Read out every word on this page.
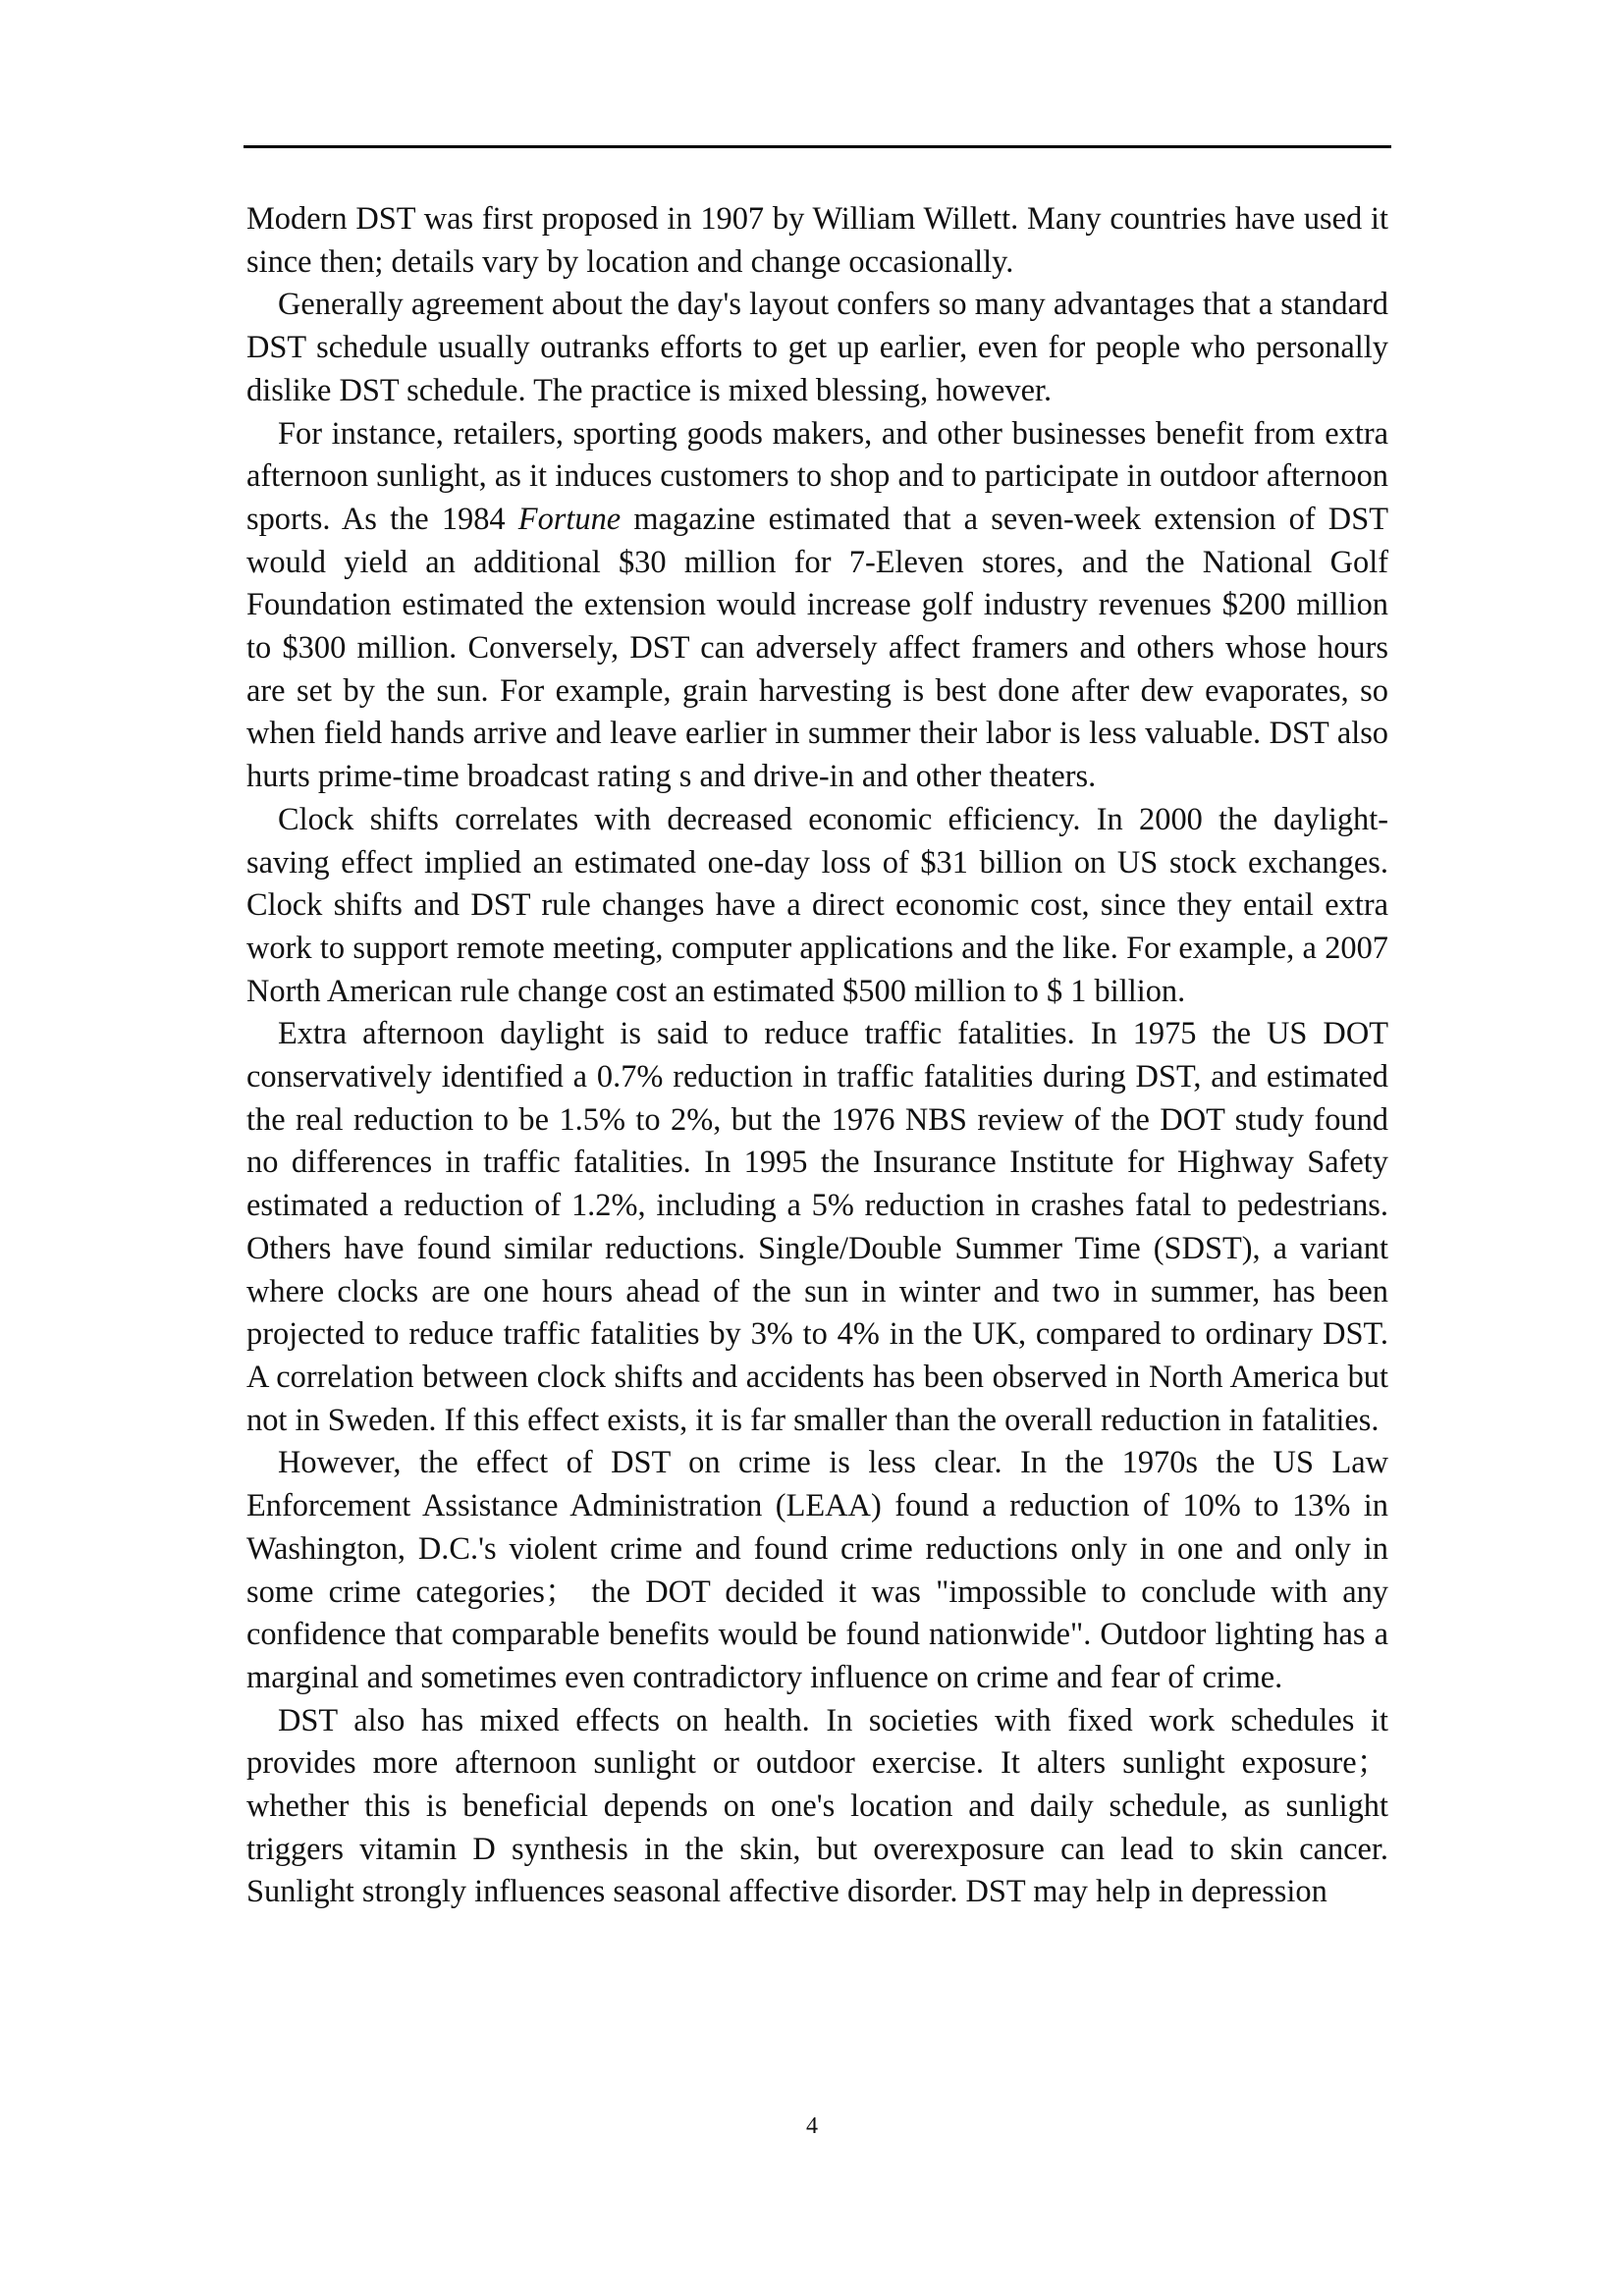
Modern DST was first proposed in 1907 by William Willett. Many countries have used it since then; details vary by location and change occasionally.

Generally agreement about the day's layout confers so many advantages that a standard DST schedule usually outranks efforts to get up earlier, even for people who personally dislike DST schedule. The practice is mixed blessing, however.

For instance, retailers, sporting goods makers, and other businesses benefit from extra afternoon sunlight, as it induces customers to shop and to participate in outdoor afternoon sports. As the 1984 Fortune magazine estimated that a seven-week extension of DST would yield an additional $30 million for 7-Eleven stores, and the National Golf Foundation estimated the extension would increase golf industry revenues $200 million to $300 million. Conversely, DST can adversely affect framers and others whose hours are set by the sun. For example, grain harvesting is best done after dew evaporates, so when field hands arrive and leave earlier in summer their labor is less valuable. DST also hurts prime-time broadcast rating s and drive-in and other theaters.

Clock shifts correlates with decreased economic efficiency. In 2000 the daylight-saving effect implied an estimated one-day loss of $31 billion on US stock exchanges. Clock shifts and DST rule changes have a direct economic cost, since they entail extra work to support remote meeting, computer applications and the like. For example, a 2007 North American rule change cost an estimated $500 million to $ 1 billion.

Extra afternoon daylight is said to reduce traffic fatalities. In 1975 the US DOT conservatively identified a 0.7% reduction in traffic fatalities during DST, and estimated the real reduction to be 1.5% to 2%, but the 1976 NBS review of the DOT study found no differences in traffic fatalities. In 1995 the Insurance Institute for Highway Safety estimated a reduction of 1.2%, including a 5% reduction in crashes fatal to pedestrians. Others have found similar reductions. Single/Double Summer Time (SDST), a variant where clocks are one hours ahead of the sun in winter and two in summer, has been projected to reduce traffic fatalities by 3% to 4% in the UK, compared to ordinary DST. A correlation between clock shifts and accidents has been observed in North America but not in Sweden. If this effect exists, it is far smaller than the overall reduction in fatalities.

However, the effect of DST on crime is less clear. In the 1970s the US Law Enforcement Assistance Administration (LEAA) found a reduction of 10% to 13% in Washington, D.C.'s violent crime and found crime reductions only in one and only in some crime categories； the DOT decided it was "impossible to conclude with any confidence that comparable benefits would be found nationwide". Outdoor lighting has a marginal and sometimes even contradictory influence on crime and fear of crime.

DST also has mixed effects on health. In societies with fixed work schedules it provides more afternoon sunlight or outdoor exercise. It alters sunlight exposure； whether this is beneficial depends on one's location and daily schedule, as sunlight triggers vitamin D synthesis in the skin, but overexposure can lead to skin cancer. Sunlight strongly influences seasonal affective disorder. DST may help in depression

4
